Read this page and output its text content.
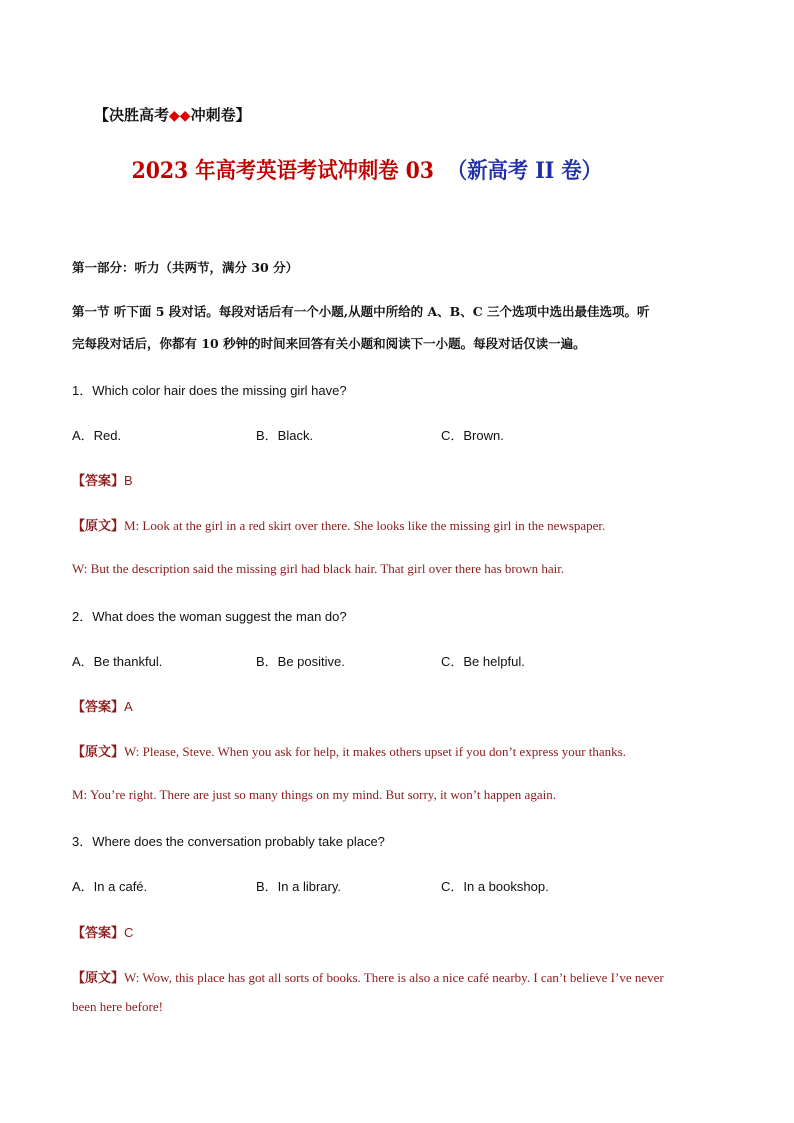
【决胜高考◆◆冲刺卷】
2023 年高考英语考试冲刺卷 03 （新高考 II 卷）
第一部分：听力（共两节，满分 30 分）
第一节 听下面 5 段对话。每段对话后有一个小题,从题中所给的 A、B、C 三个选项中选出最佳选项。听
完每段对话后，你都有 10 秒钟的时间来回答有关小题和阅读下一小题。每段对话仅读一遍。
1．Which color hair does the missing girl have?
A．Red.	B．Black.	C．Brown.
【答案】B
【原文】M: Look at the girl in a red skirt over there. She looks like the missing girl in the newspaper.
W: But the description said the missing girl had black hair. That girl over there has brown hair.
2．What does the woman suggest the man do?
A．Be thankful.	B．Be positive.	C．Be helpful.
【答案】A
【原文】W: Please, Steve. When you ask for help, it makes others upset if you don’t express your thanks.
M: You’re right. There are just so many things on my mind. But sorry, it won’t happen again.
3．Where does the conversation probably take place?
A．In a café.	B．In a library.	C．In a bookshop.
【答案】C
【原文】W: Wow, this place has got all sorts of books. There is also a nice café nearby. I can’t believe I’ve never
been here before!
